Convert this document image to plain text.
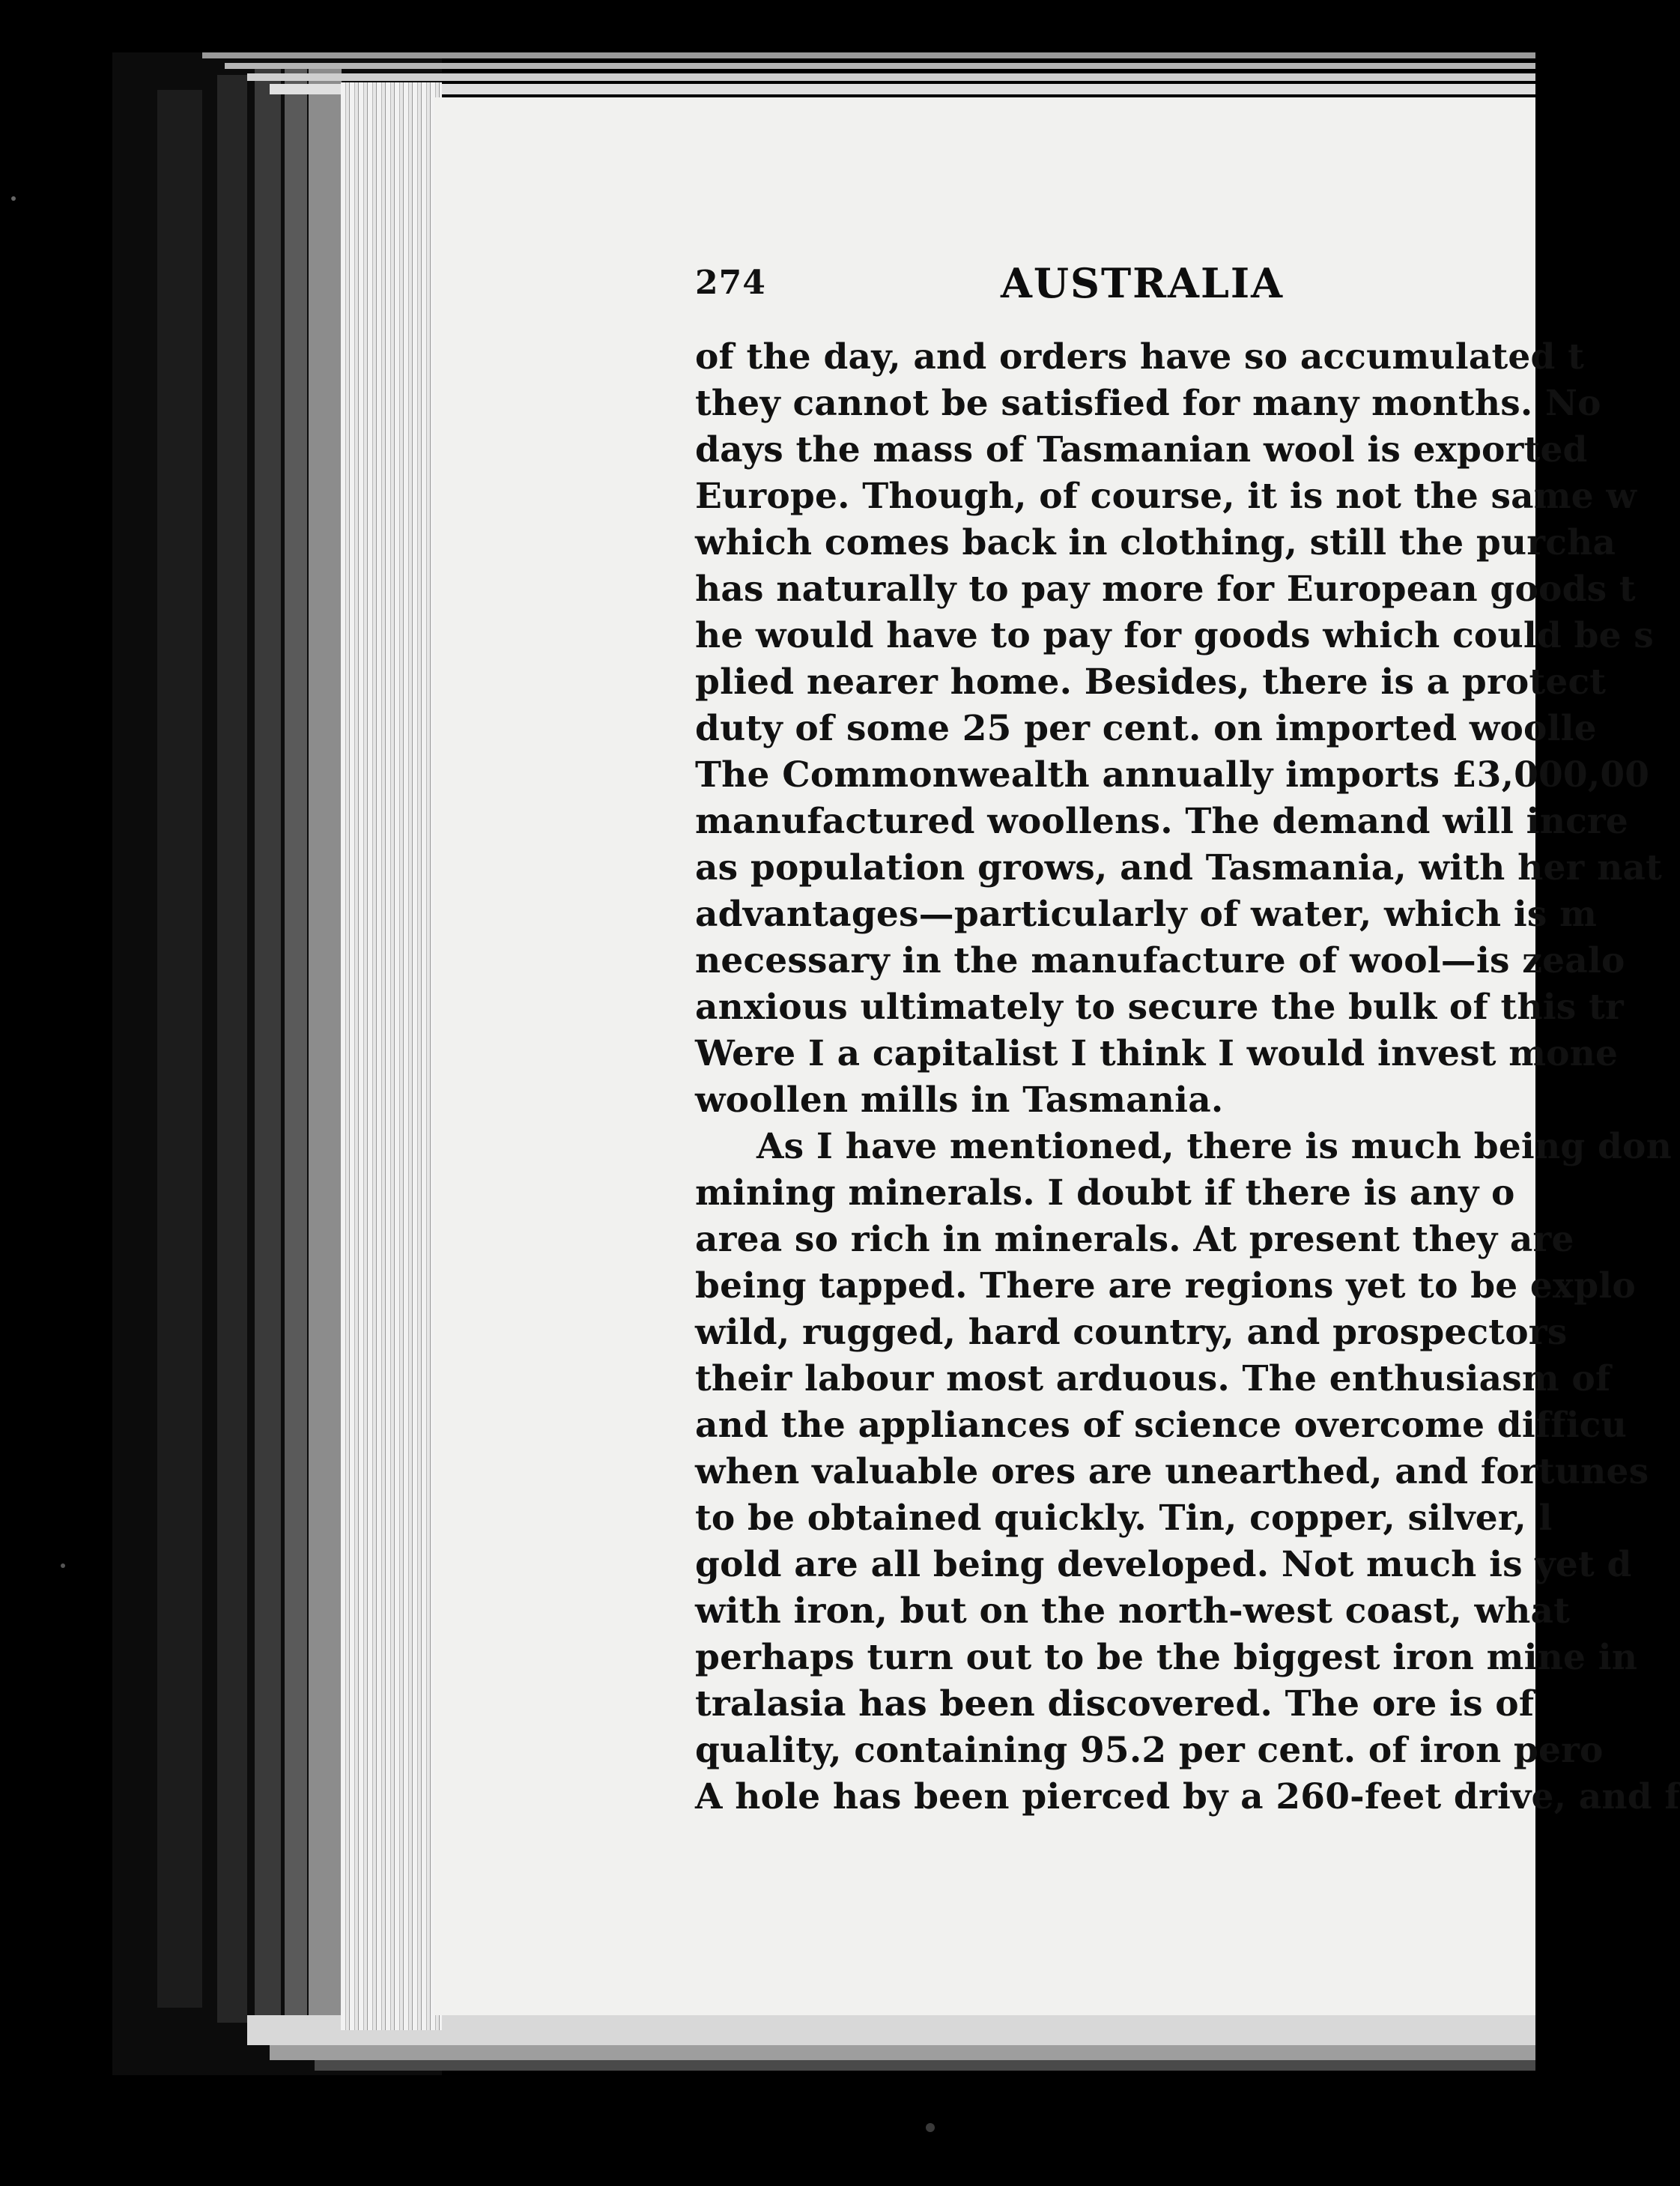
274	AUSTRALIA
of the day, and orders have so accumulated t
they cannot be satisfied for many months. No
days the mass of Tasmanian wool is exported
Europe. Though, of course, it is not the same w
which comes back in clothing, still the purcha
has naturally to pay more for European goods t
he would have to pay for goods which could be s
plied nearer home. Besides, there is a protect
duty of some 25 per cent. on imported woolle
The Commonwealth annually imports £3,000,00
manufactured woollens. The demand will incre
as population grows, and Tasmania, with her nat
advantages—particularly of water, which is m
necessary in the manufacture of wool—is zealo
anxious ultimately to secure the bulk of this tr
Were I a capitalist I think I would invest mone
woollen mills in Tasmania.
As I have mentioned, there is much being don
mining minerals. I doubt if there is any o
area so rich in minerals. At present they are
being tapped. There are regions yet to be explo
wild, rugged, hard country, and prospectors
their labour most arduous. The enthusiasm of
and the appliances of science overcome difficu
when valuable ores are unearthed, and fortunes
to be obtained quickly. Tin, copper, silver, l
gold are all being developed. Not much is yet d
with iron, but on the north-west coast, what
perhaps turn out to be the biggest iron mine in
tralasia has been discovered. The ore is of
quality, containing 95.2 per cent. of iron pero
A hole has been pierced by a 260-feet drive, and f
